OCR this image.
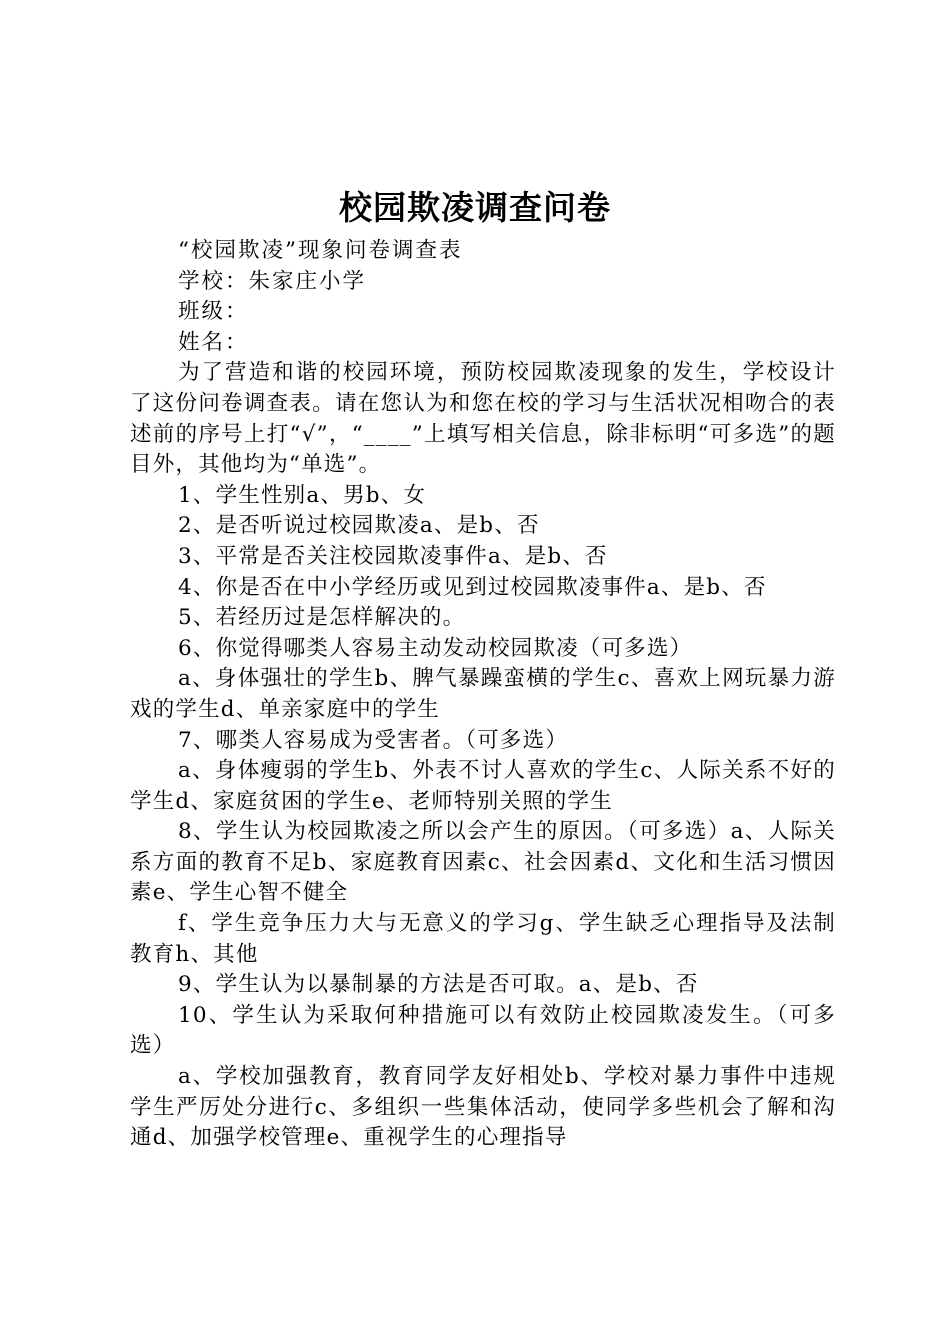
校园欺凌调查问卷
“校园欺凌”现象问卷调查表
学校：朱家庄小学
班级：
姓名：

为了营造和谐的校园环境，预防校园欺凌现象的发生，学校设计了这份问卷调查表。请在您认为和您在校的学习与生活状况相吻合的表述前的序号上打“√”，“____”上填写相关信息，除非标明“可多选”的题目外，其他均为“单选”。

1、学生性别a、男b、女

2、是否听说过校园欺凌a、是b、否

3、平常是否关注校园欺凌事件a、是b、否

4、你是否在中小学经历或见到过校园欺凌事件a、是b、否

5、若经历过是怎样解决的。

6、你觉得哪类人容易主动发动校园欺凌（可多选）

a、身体强壮的学生b、脾气暴躁蛮横的学生c、喜欢上网玩暴力游戏的学生d、单亲家庭中的学生

7、哪类人容易成为受害者。（可多选）

a、身体瘦弱的学生b、外表不讨人喜欢的学生c、人际关系不好的学生d、家庭贫困的学生e、老师特别关照的学生

8、学生认为校园欺凌之所以会产生的原因。（可多选）a、人际关系方面的教育不足b、家庭教育因素c、社会因素d、文化和生活习惯因素e、学生心智不健全

f、学生竞争压力大与无意义的学习g、学生缺乏心理指导及法制教育h、其他

9、学生认为以暴制暴的方法是否可取。a、是b、否

10、学生认为采取何种措施可以有效防止校园欺凌发生。（可多选）

a、学校加强教育，教育同学友好相处b、学校对暴力事件中违规学生严厉处分进行c、多组织一些集体活动，使同学多些机会了解和沟通d、加强学校管理e、重视学生的心理指导
